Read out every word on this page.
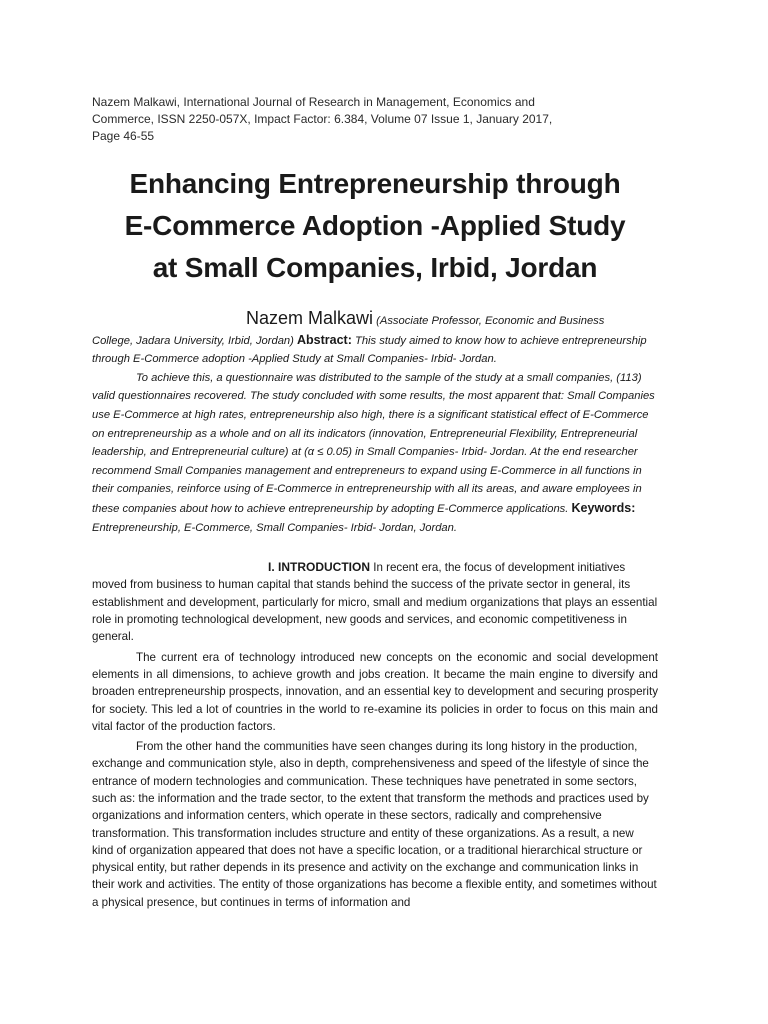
Nazem Malkawi, International Journal of Research in Management, Economics and Commerce, ISSN 2250-057X, Impact Factor: 6.384, Volume 07 Issue 1, January 2017, Page 46-55

Enhancing Entrepreneurship through
E-Commerce Adoption -Applied Study
at Small Companies, Irbid, Jordan
Nazem Malkawi (Associate Professor, Economic and Business
College, Jadara University, Irbid, Jordan) Abstract: This study aimed to know how to achieve entrepreneurship through E-Commerce adoption -Applied Study at Small Companies- Irbid- Jordan.
To achieve this, a questionnaire was distributed to the sample of the study at a small companies, (113) valid questionnaires recovered. The study concluded with some results, the most apparent that: Small Companies use E-Commerce at high rates, entrepreneurship also high, there is a significant statistical effect of E-Commerce on entrepreneurship as a whole and on all its indicators (innovation, Entrepreneurial Flexibility, Entrepreneurial leadership, and Entrepreneurial culture) at (α ≤ 0.05) in Small Companies- Irbid- Jordan. At the end researcher recommend Small Companies management and entrepreneurs to expand using E-Commerce in all functions in their companies, reinforce using of E-Commerce in entrepreneurship with all its areas, and aware employees in these companies about how to achieve entrepreneurship by adopting E-Commerce applications. Keywords: Entrepreneurship, E-Commerce, Small Companies- Irbid- Jordan, Jordan.

I. INTRODUCTION In recent era, the focus of development initiatives moved from business to human capital that stands behind the success of the private sector in general, its establishment and development, particularly for micro, small and medium organizations that plays an essential role in promoting technological development, new goods and services, and economic competitiveness in general.

The current era of technology introduced new concepts on the economic and social development elements in all dimensions, to achieve growth and jobs creation. It became the main engine to diversify and broaden entrepreneurship prospects, innovation, and an essential key to development and securing prosperity for society. This led a lot of countries in the world to re-examine its policies in order to focus on this main and vital factor of the production factors.

From the other hand the communities have seen changes during its long history in the production, exchange and communication style, also in depth, comprehensiveness and speed of the lifestyle of since the entrance of modern technologies and communication. These techniques have penetrated in some sectors, such as: the information and the trade sector, to the extent that transform the methods and practices used by organizations and information centers, which operate in these sectors, radically and comprehensive transformation. This transformation includes structure and entity of these organizations. As a result, a new kind of organization appeared that does not have a specific location, or a traditional hierarchical structure or physical entity, but rather depends in its presence and activity on the exchange and communication links in their work and activities. The entity of those organizations has become a flexible entity, and sometimes without a physical presence, but continues in terms of information and
